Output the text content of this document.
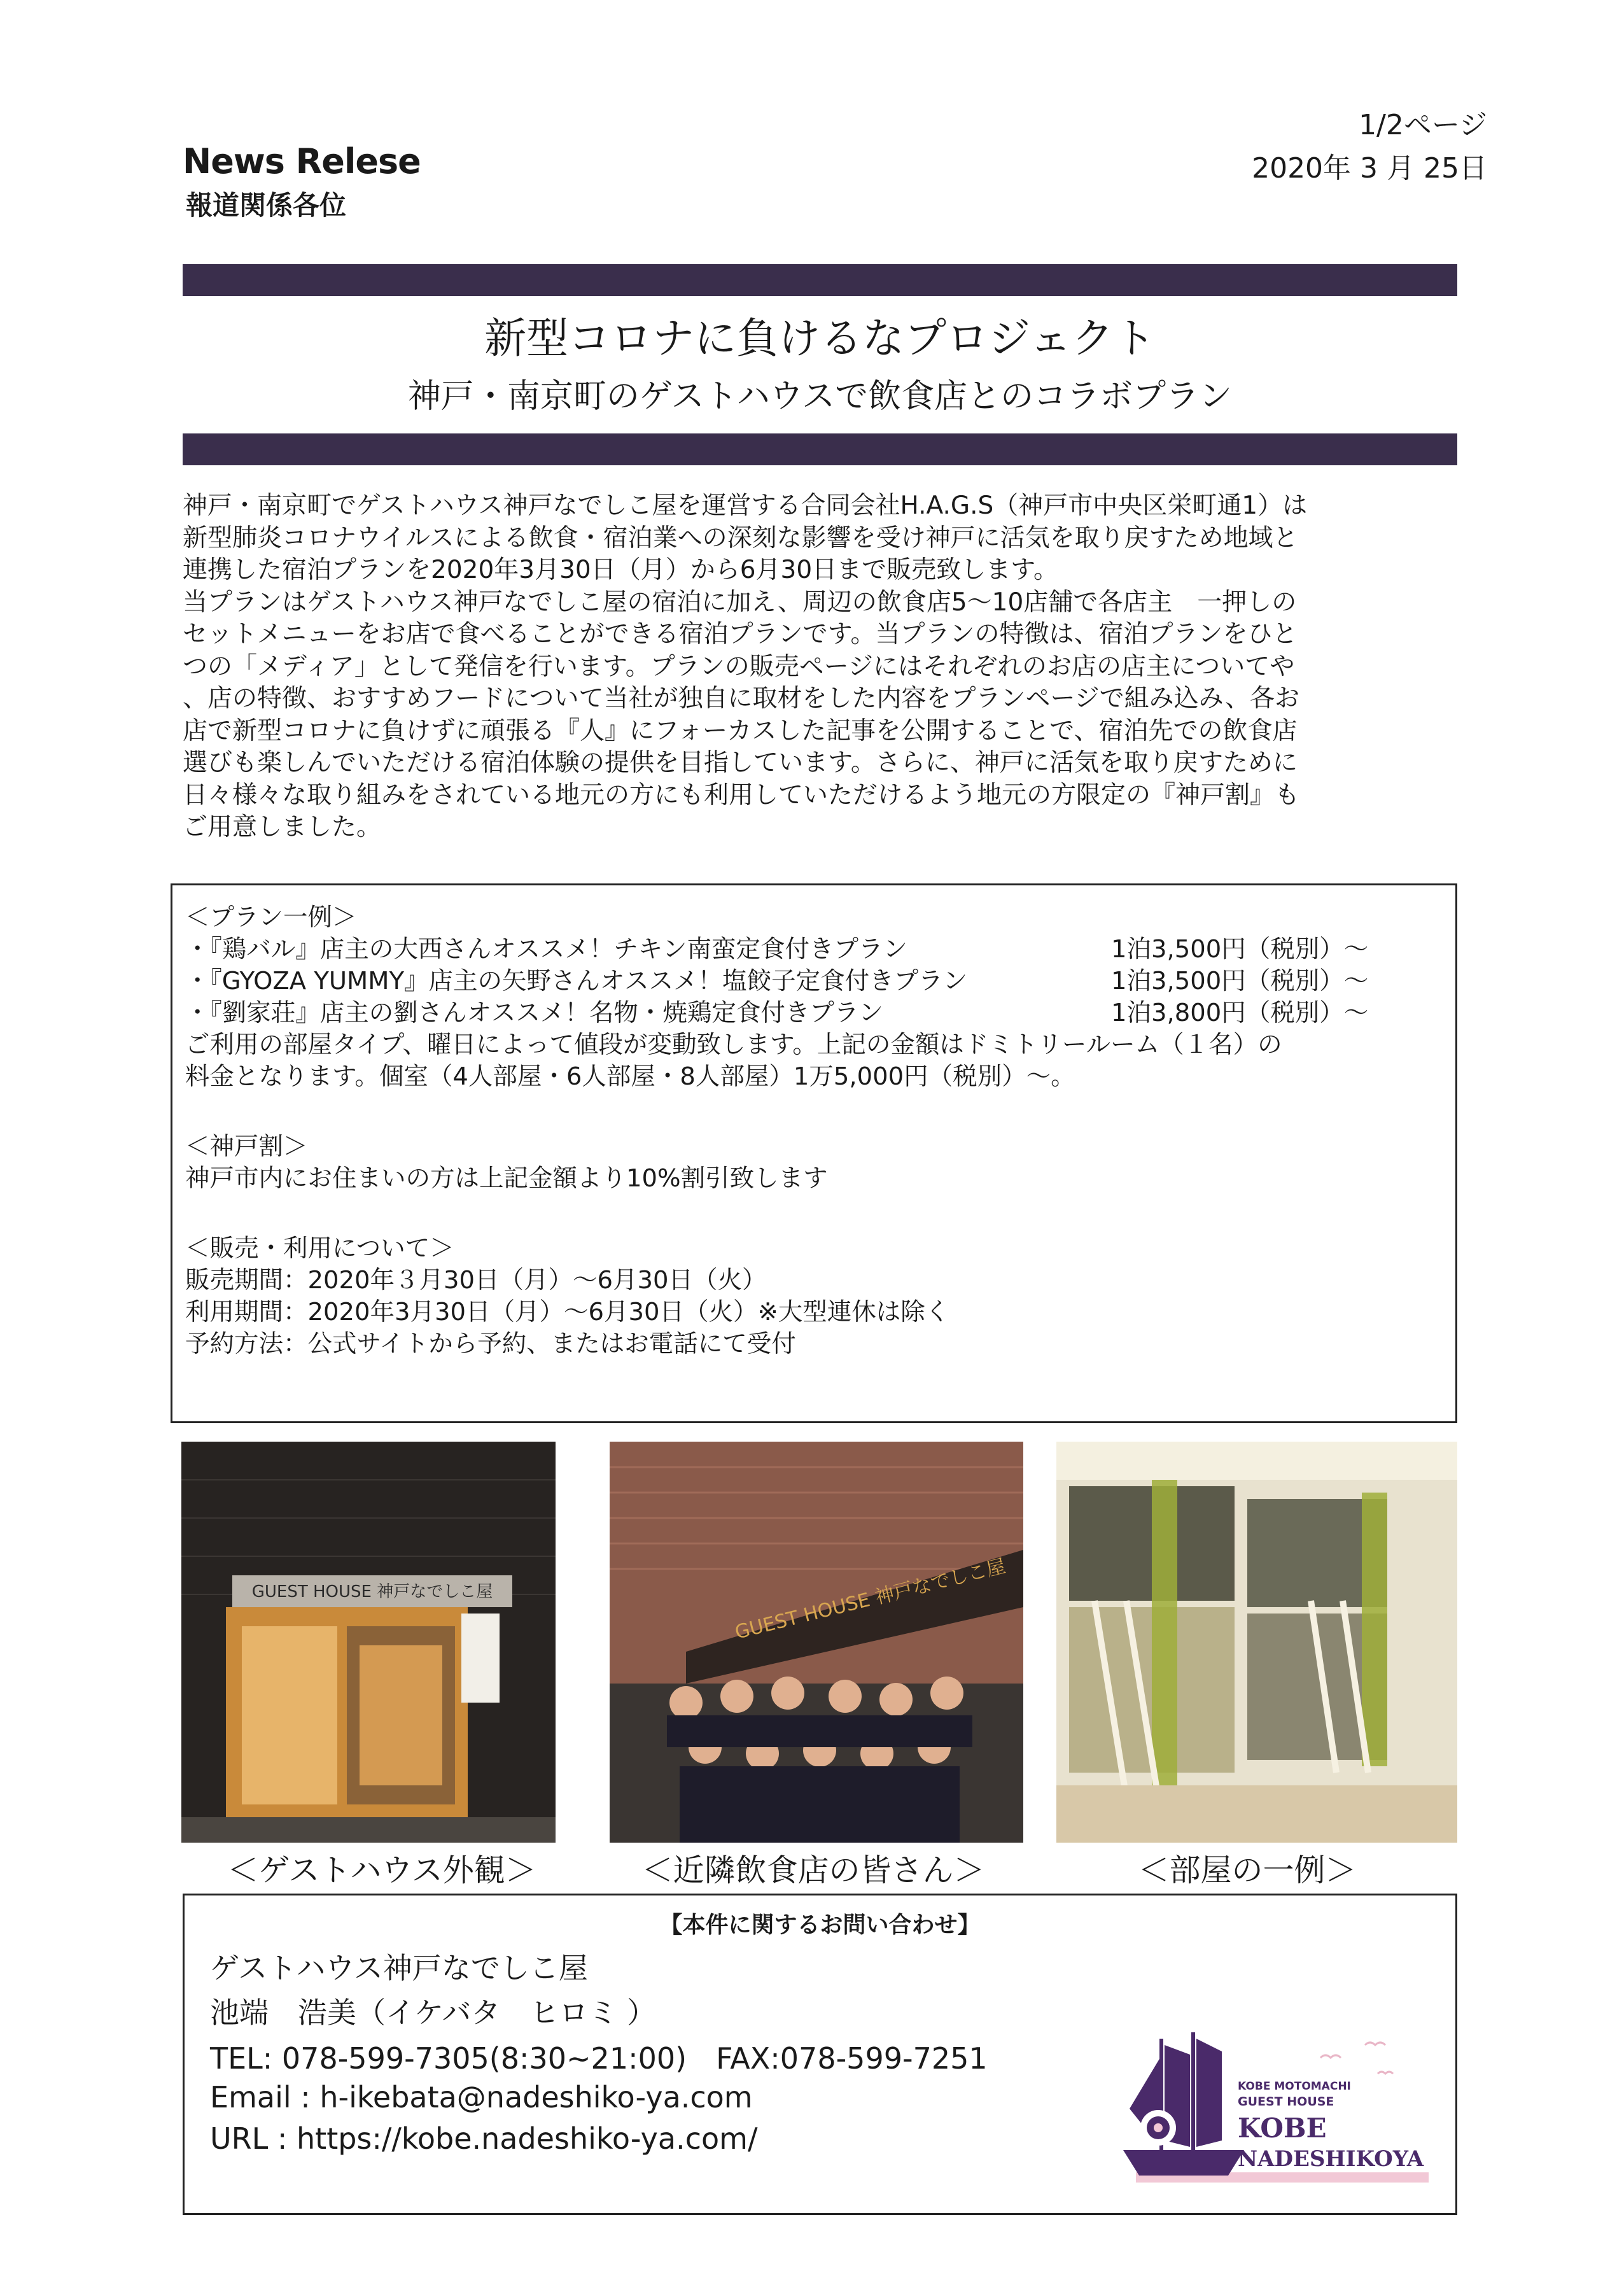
News Relese
報道関係各位
1/2ページ
2020年 3 月 25日
新型コロナに負けるなプロジェクト
神戸・南京町のゲストハウスで飲食店とのコラボプラン

神戸・南京町でゲストハウス神戸なでしこ屋を運営する合同会社H.A.G.S（神戸市中央区栄町通1）は

新型肺炎コロナウイルスによる飲食・宿泊業への深刻な影響を受け神戸に活気を取り戻すため地域と

連携した宿泊プランを2020年3月30日（月）から6月30日まで販売致します。

当プランはゲストハウス神戸なでしこ屋の宿泊に加え、周辺の飲食店5～10店舗で各店主　一押しの

セットメニューをお店で食べることができる宿泊プランです。当プランの特徴は、宿泊プランをひと

つの「メディア」として発信を行います。プランの販売ページにはそれぞれのお店の店主についてや

、店の特徴、おすすめフードについて当社が独自に取材をした内容をプランページで組み込み、各お

店で新型コロナに負けずに頑張る『人』にフォーカスした記事を公開することで、宿泊先での飲食店

選びも楽しんでいただける宿泊体験の提供を目指しています。さらに、神戸に活気を取り戻すために

日々様々な取り組みをされている地元の方にも利用していただけるよう地元の方限定の『神戸割』も

ご用意しました。

＜プラン一例＞
・『鶏バル』店主の大西さんオススメ！チキン南蛮定食付きプラン	1泊3,500円（税別）～
・『GYOZA YUMMY』店主の矢野さんオススメ！塩餃子定食付きプラン	1泊3,500円（税別）～
・『劉家荘』店主の劉さんオススメ！名物・焼鶏定食付きプラン	1泊3,800円（税別）～
ご利用の部屋タイプ、曜日によって値段が変動致します。上記の金額はドミトリールーム（１名）の
料金となります。個室（4人部屋・6人部屋・8人部屋）1万5,000円（税別）～。
＜神戸割＞
神戸市内にお住まいの方は上記金額より10%割引致します
＜販売・利用について＞
販売期間：2020年３月30日（月）～6月30日（火）
利用期間：2020年3月30日（月）～6月30日（火）※大型連休は除く
予約方法：公式サイトから予約、またはお電話にて受付
GUEST HOUSE 神戸なでしこ屋	GUEST HOUSE 神戸なでしこ屋
＜ゲストハウス外観＞	＜近隣飲食店の皆さん＞	＜部屋の一例＞
【本件に関するお問い合わせ】
ゲストハウス神戸なでしこ屋
池端　浩美（イケバタ　ヒロミ ）
TEL: 078-599-7305(8:30~21:00)　FAX:078-599-7251
Email : h-ikebata@nadeshiko-ya.com
URL : https://kobe.nadeshiko-ya.com/
KOBE MOTOMACHI
GUEST HOUSE
KOBE
NADESHIKOYA
